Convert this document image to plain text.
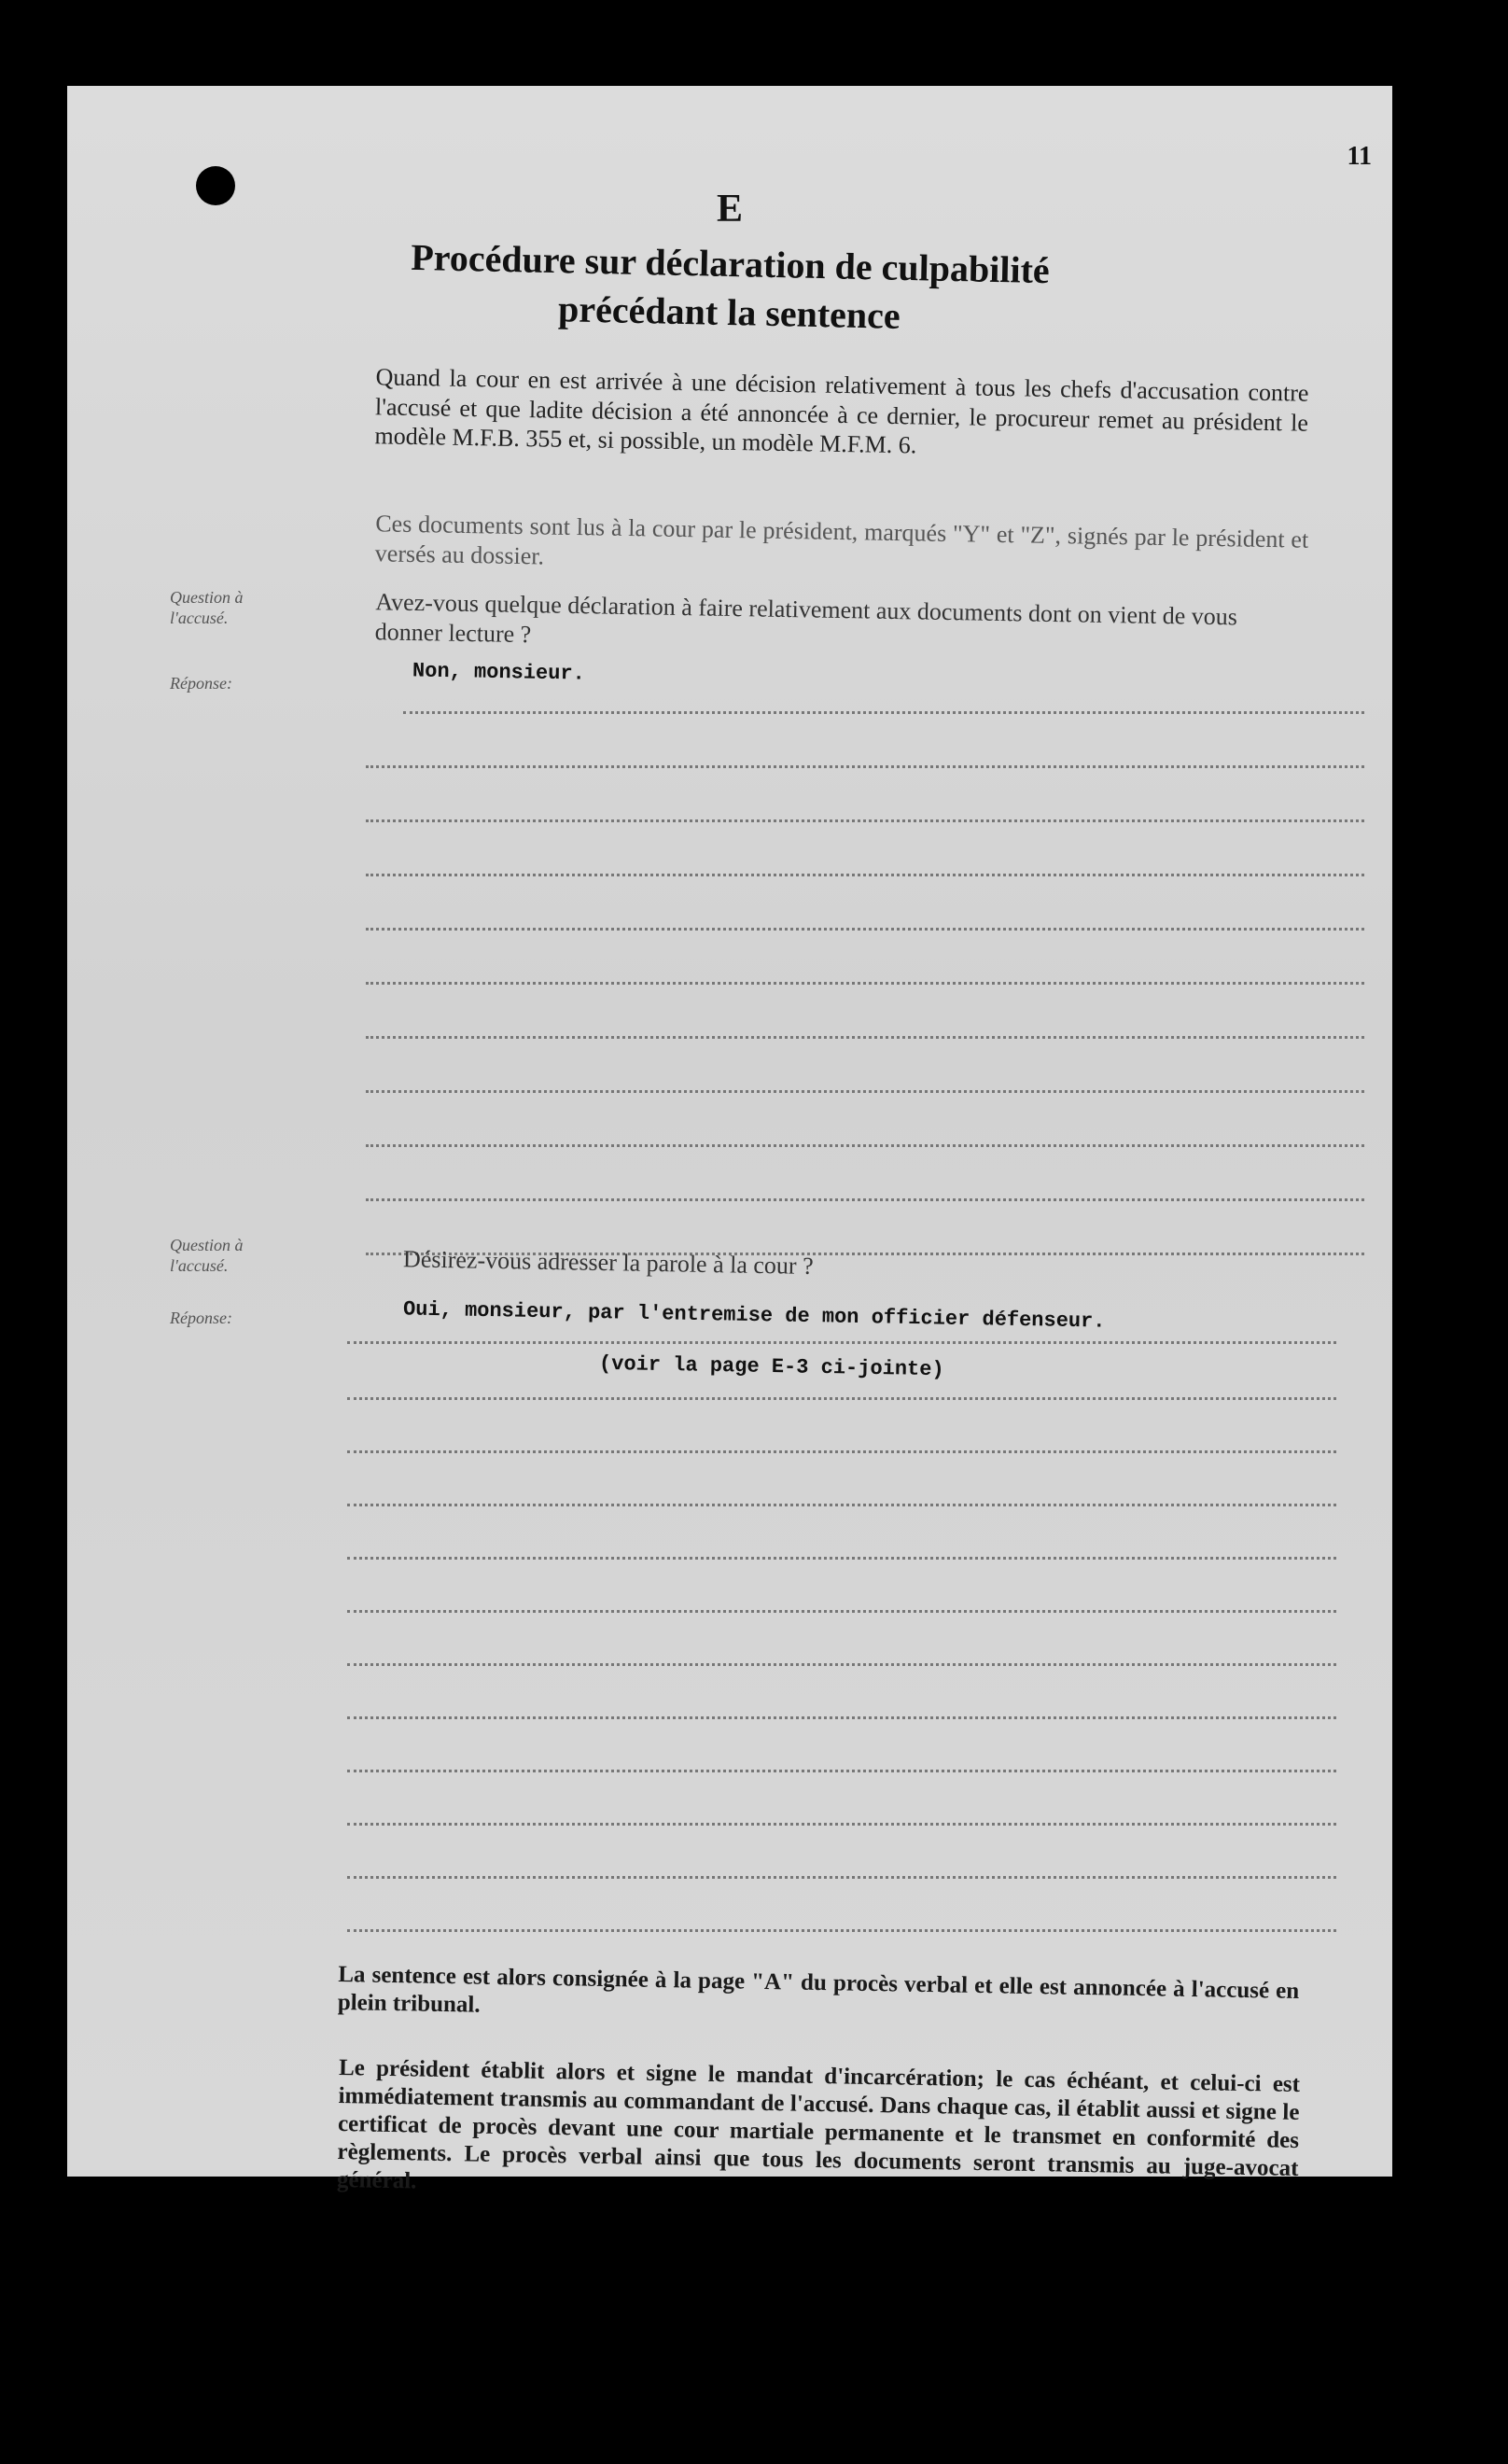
11
E
Procédure sur déclaration de culpabilité
précédant la sentence

Quand la cour en est arrivée à une décision relativement à tous les chefs d'accusation contre l'accusé et que ladite décision a été annoncée à ce dernier, le procureur remet au président le modèle M.F.B. 355 et, si possible, un modèle M.F.M. 6.

Ces documents sont lus à la cour par le président, marqués "Y" et "Z", signés par le président et versés au dossier.

Question à l'accusé.

Réponse:

Avez-vous quelque déclaration à faire relativement aux documents dont on vient de vous donner lecture ?

Non, monsieur.

Question à l'accusé.

Réponse:

Désirez-vous adresser la parole à la cour ?

Oui, monsieur, par l'entremise de mon officier défenseur.

(voir la page E-3 ci-jointe)

La sentence est alors consignée à la page "A" du procès verbal et elle est annoncée à l'accusé en plein tribunal.

Le président établit alors et signe le mandat d'incarcération; le cas échéant, et celui-ci est immédiatement transmis au commandant de l'accusé. Dans chaque cas, il établit aussi et signe le certificat de procès devant une cour martiale permanente et le transmet en conformité des règlements. Le procès verbal ainsi que tous les documents seront transmis au juge-avocat général.
